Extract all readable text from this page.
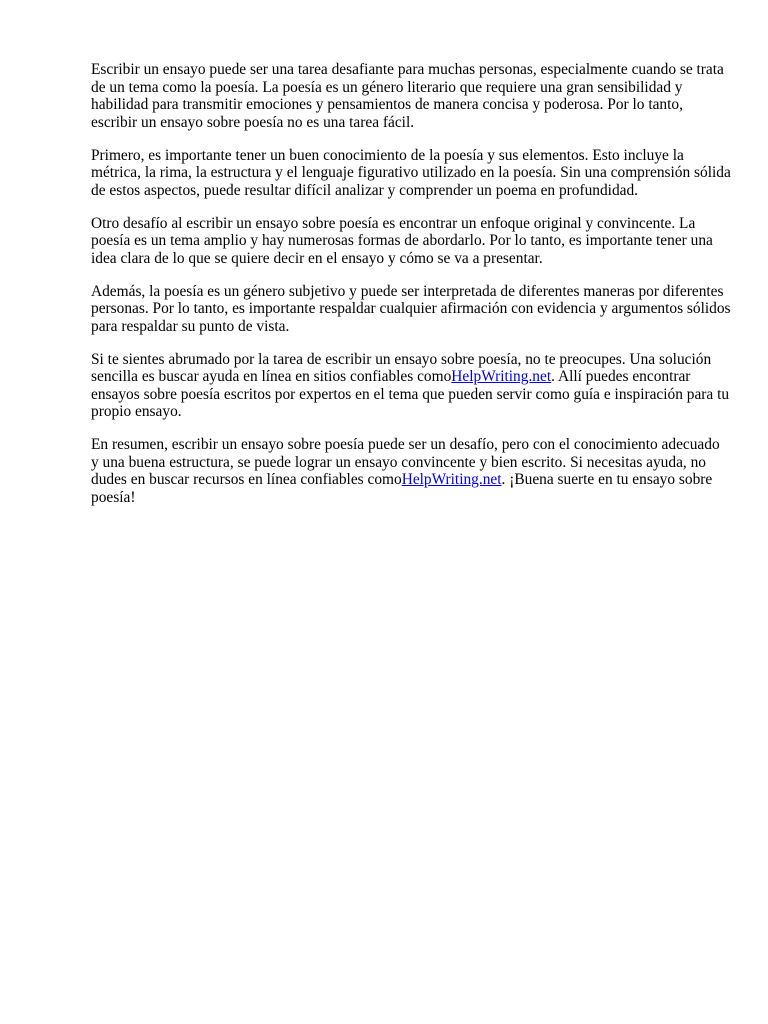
Escribir un ensayo puede ser una tarea desafiante para muchas personas, especialmente cuando se trata de un tema como la poesía. La poesía es un género literario que requiere una gran sensibilidad y habilidad para transmitir emociones y pensamientos de manera concisa y poderosa. Por lo tanto, escribir un ensayo sobre poesía no es una tarea fácil.

Primero, es importante tener un buen conocimiento de la poesía y sus elementos. Esto incluye la métrica, la rima, la estructura y el lenguaje figurativo utilizado en la poesía. Sin una comprensión sólida de estos aspectos, puede resultar difícil analizar y comprender un poema en profundidad.

Otro desafío al escribir un ensayo sobre poesía es encontrar un enfoque original y convincente. La poesía es un tema amplio y hay numerosas formas de abordarlo. Por lo tanto, es importante tener una idea clara de lo que se quiere decir en el ensayo y cómo se va a presentar.

Además, la poesía es un género subjetivo y puede ser interpretada de diferentes maneras por diferentes personas. Por lo tanto, es importante respaldar cualquier afirmación con evidencia y argumentos sólidos para respaldar su punto de vista.

Si te sientes abrumado por la tarea de escribir un ensayo sobre poesía, no te preocupes. Una solución sencilla es buscar ayuda en línea en sitios confiables comoHelpWriting.net. Allí puedes encontrar ensayos sobre poesía escritos por expertos en el tema que pueden servir como guía e inspiración para tu propio ensayo.

En resumen, escribir un ensayo sobre poesía puede ser un desafío, pero con el conocimiento adecuado y una buena estructura, se puede lograr un ensayo convincente y bien escrito. Si necesitas ayuda, no dudes en buscar recursos en línea confiables comoHelpWriting.net. ¡Buena suerte en tu ensayo sobre poesía!
